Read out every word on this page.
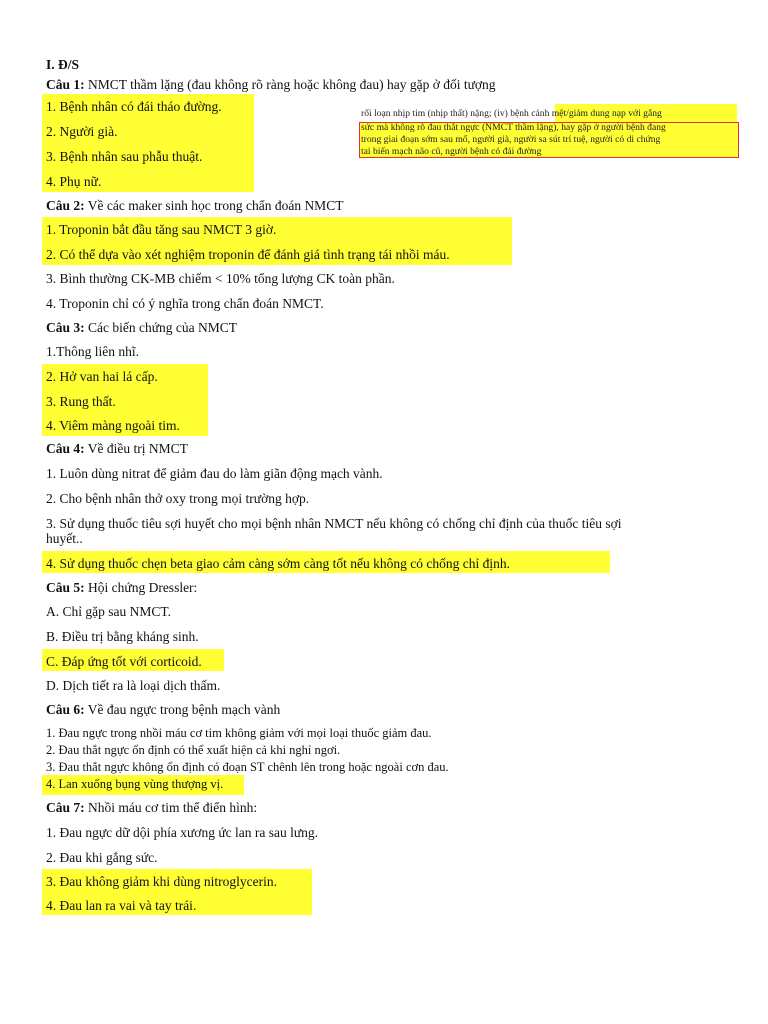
rối loạn nhịp tim (nhịp thất) nặng; (iv) bệnh cảnh mệt/giảm dung nạp với gắng
sức mà không rõ đau thắt ngực (NMCT thầm lặng), hay gặp ở người bệnh đang
trong giai đoạn sớm sau mổ, người già, người sa sút trí tuệ, người có di chứng
tai biến mạch não cũ, người bệnh có đái đường
I. Đ/S
Câu 1: NMCT thầm lặng (đau không rõ ràng hoặc không đau) hay gặp ở đối tượng
1. Bệnh nhân có đái tháo đường.
2. Người già.
3. Bệnh nhân sau phẫu thuật.
4. Phụ nữ.
Câu 2: Về các maker sinh học trong chẩn đoán NMCT
1. Troponin bắt đầu tăng sau NMCT 3 giờ.
2. Có thể dựa vào xét nghiệm troponin để đánh giá tình trạng tái nhồi máu.
3. Bình thường CK-MB chiếm < 10% tổng lượng CK toàn phần.
4. Troponin chỉ có ý nghĩa trong chẩn đoán NMCT.
Câu 3: Các biến chứng của NMCT
1.Thông liên nhĩ.
2. Hở van hai lá cấp.
3. Rung thất.
4. Viêm màng ngoài tim.
Câu 4: Về điều trị NMCT
1. Luôn dùng nitrat để giảm đau do làm giãn động mạch vành.
2. Cho bệnh nhân thở oxy trong mọi trường hợp.
3. Sử dụng thuốc tiêu sợi huyết cho mọi bệnh nhân NMCT nếu không có chống chỉ định của thuốc tiêu sợi
huyết..
4. Sử dụng thuốc chẹn beta giao cảm càng sớm càng tốt nếu không có chống chỉ định.
Câu 5: Hội chứng Dressler:
A. Chỉ gặp sau NMCT.
B. Điều trị bằng kháng sinh.
C. Đáp ứng tốt với corticoid.
D. Dịch tiết ra là loại dịch thấm.
Câu 6: Về đau ngực trong bệnh mạch vành
1. Đau ngực trong nhồi máu cơ tim không giảm với mọi loại thuốc giảm đau.
2. Đau thắt ngực ổn định có thể xuất hiện cả khi nghỉ ngơi.
3. Đau thắt ngực không ổn định có đoạn ST chênh lên trong hoặc ngoài cơn đau.
4. Lan xuống bụng vùng thượng vị.
Câu 7: Nhồi máu cơ tim thể điển hình:
1. Đau ngực dữ dội phía xương ức lan ra sau lưng.
2. Đau khi gắng sức.
3. Đau không giảm khi dùng nitroglycerin.
4. Đau lan ra vai và tay trái.
